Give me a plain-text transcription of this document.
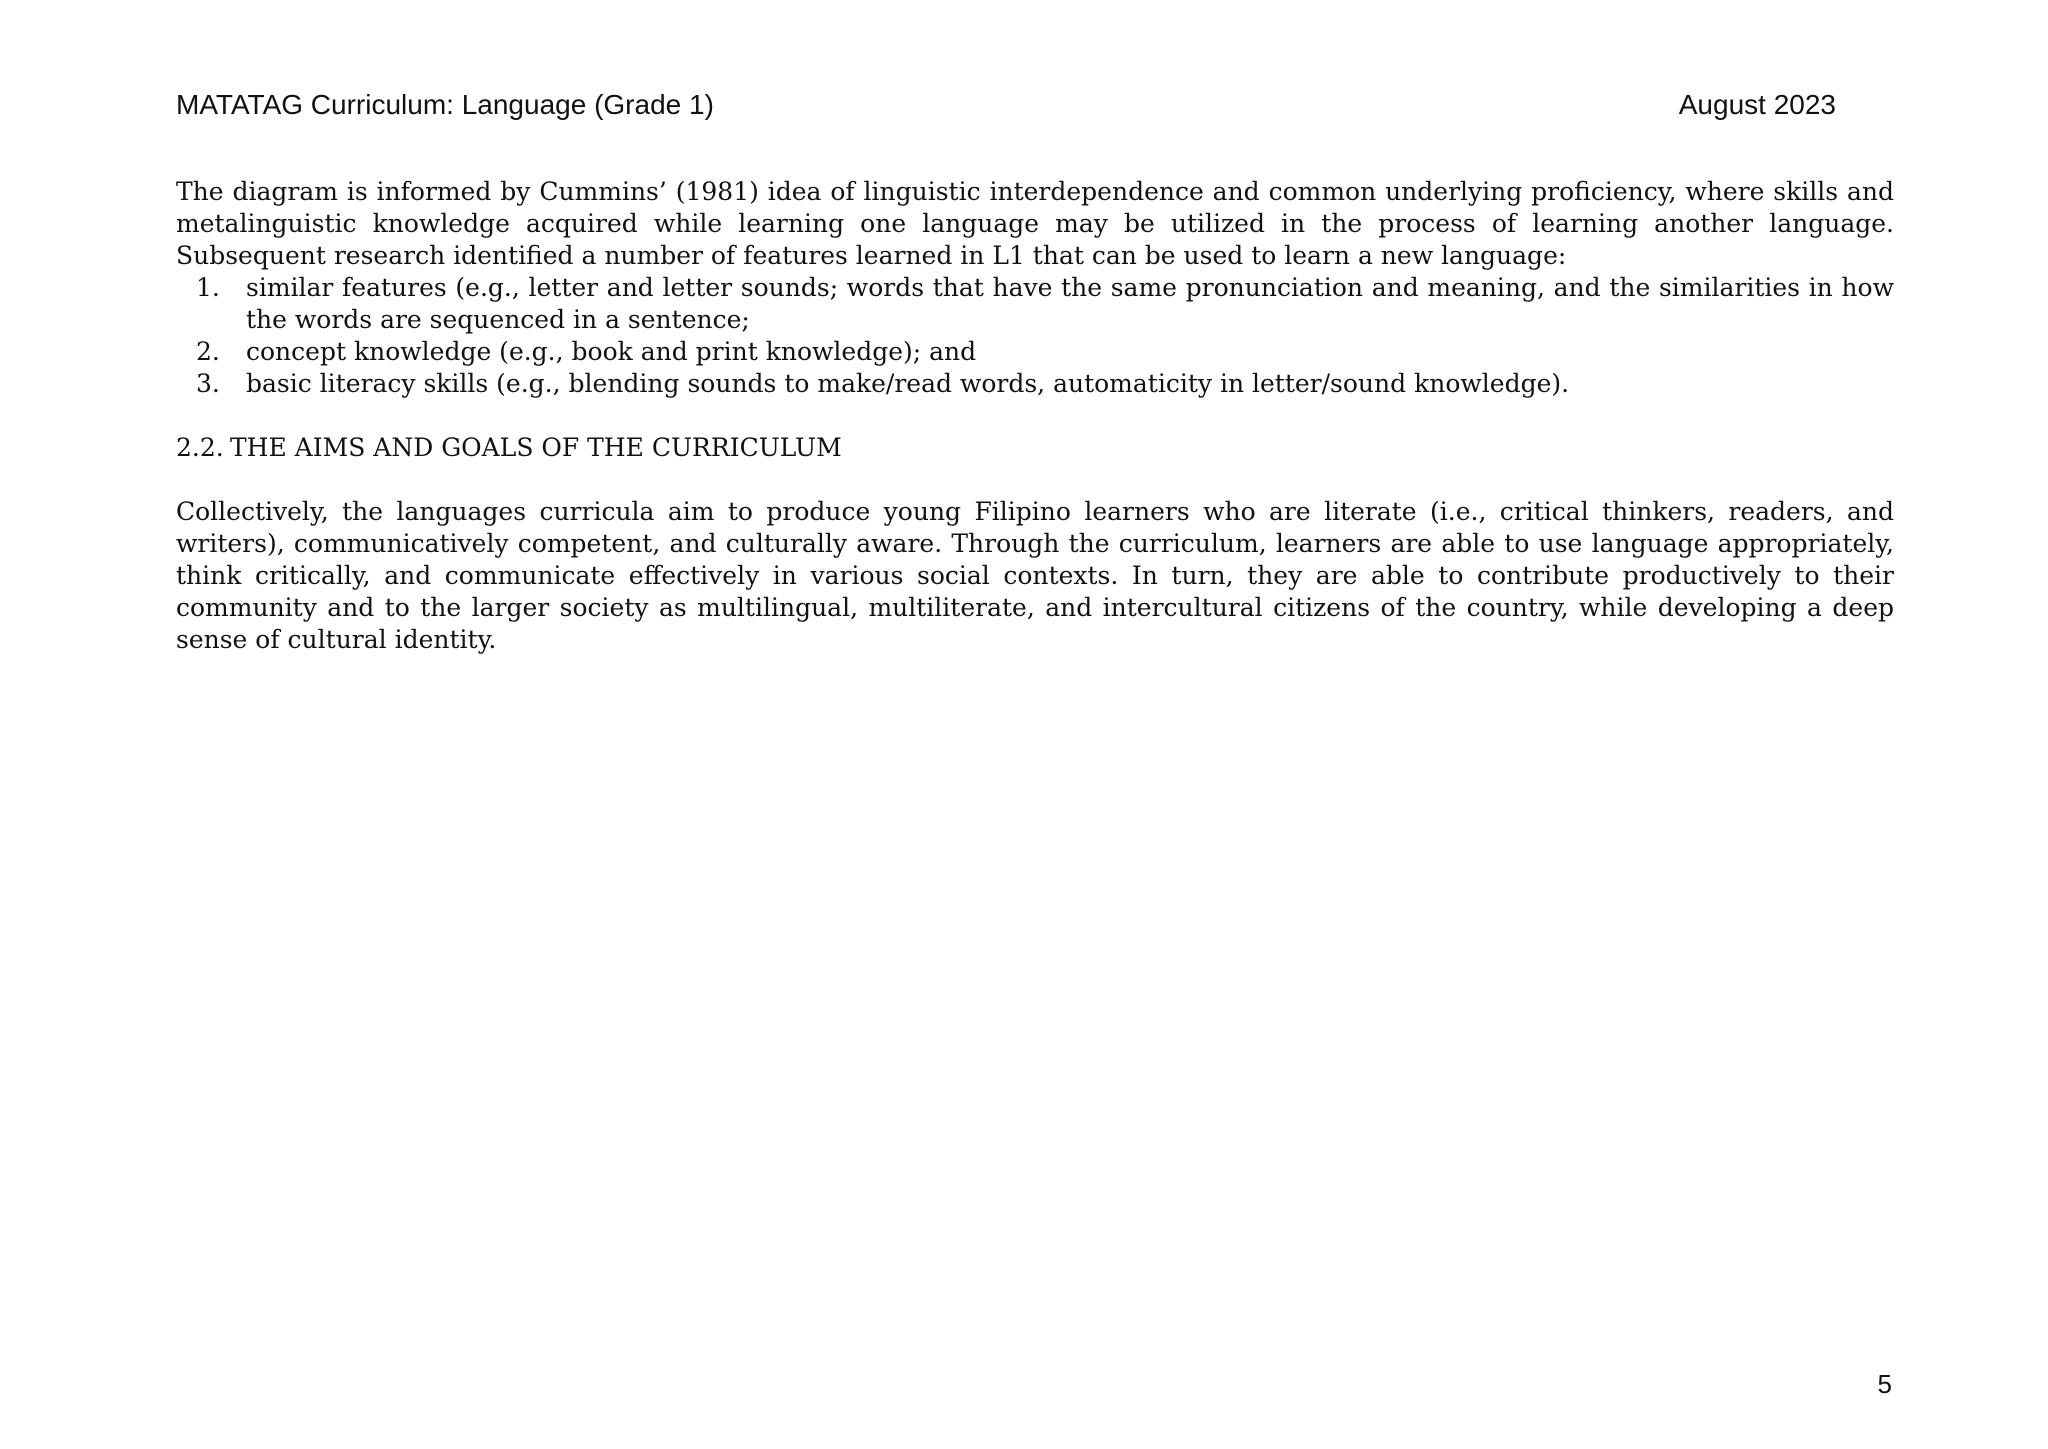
MATATAG Curriculum: Language (Grade 1)	August 2023

The diagram is informed by Cummins’ (1981) idea of linguistic interdependence and common underlying proficiency, where skills and metalinguistic knowledge acquired while learning one language may be utilized in the process of learning another language. Subsequent research identified a number of features learned in L1 that can be used to learn a new language:

1. similar features (e.g., letter and letter sounds; words that have the same pronunciation and meaning, and the similarities in how the words are sequenced in a sentence;
2. concept knowledge (e.g., book and print knowledge); and
3. basic literacy skills (e.g., blending sounds to make/read words, automaticity in letter/sound knowledge).

2.2. THE AIMS AND GOALS OF THE CURRICULUM

Collectively, the languages curricula aim to produce young Filipino learners who are literate (i.e., critical thinkers, readers, and writers), communicatively competent, and culturally aware. Through the curriculum, learners are able to use language appropriately, think critically, and communicate effectively in various social contexts. In turn, they are able to contribute productively to their community and to the larger society as multilingual, multiliterate, and intercultural citizens of the country, while developing a deep sense of cultural identity.

5
